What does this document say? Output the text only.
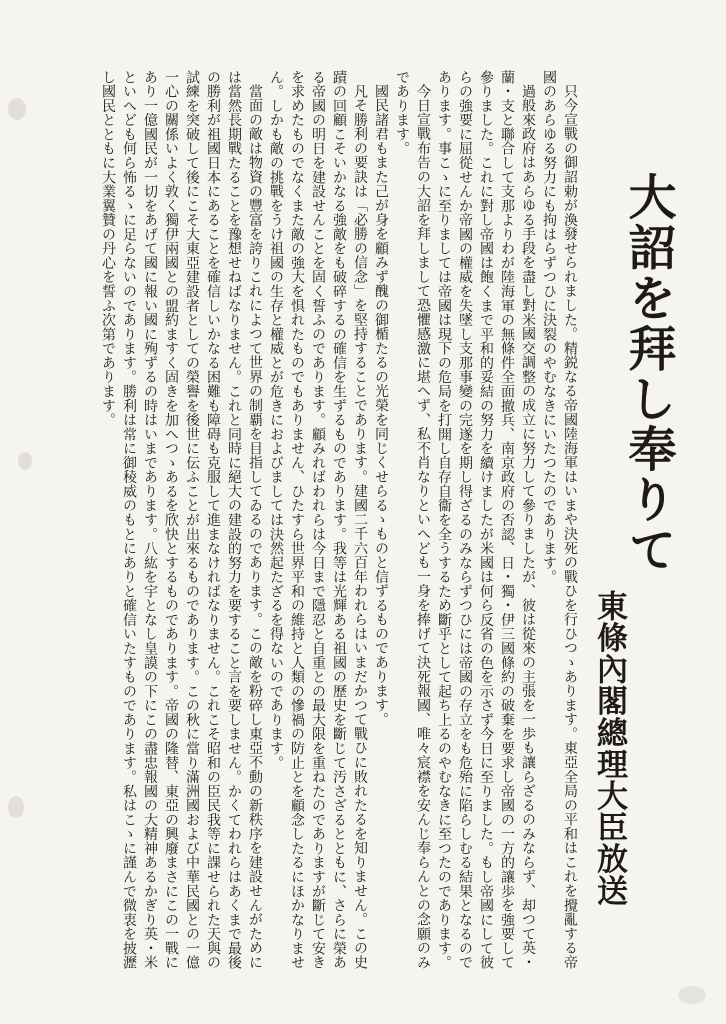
大詔を拜し奉りて
東條內閣總理大臣放送

只今宣戰の御詔勅が渙發せられました。精鋭なる帝國陸海軍はいまや決死の戰ひを行ひつゝあります。東亞全局の平和はこれを攪亂する帝國のあらゆる努力にも拘はらずつひに決裂のやむなきにいたつたのであります。

過般來政府はあらゆる手段を盡し對米國交調整の成立に努力して參りましたが、彼は從來の主張を一歩も讓らざるのみならず、却つて英・蘭・支と聯合して支那よりわが陸海軍の無條件全面撤兵、南京政府の否認、日・獨・伊三國條約の破棄を要求し帝國の一方的讓歩を強要して參りました。これに對し帝國は飽くまで平和的妥結の努力を續けましたが米國は何ら反省の色を示さず今日に至りました。もし帝國にして彼らの強要に屈從せんか帝國の權威を失墜し支那事變の完遂を期し得ざるのみならずつひには帝國の存立をも危殆に陷らしむる結果となるのであります。事こゝに至りましては帝國は現下の危局を打開し自存自衞を全うするため斷乎として起ち上るのやむなきに至つたのであります。

今日宣戰布告の大詔を拜しまして恐懼感激に堪へず、私不肖なりといへども一身を捧げて決死報國、唯々宸襟を安んじ奉らんとの念願のみであります。

國民諸君もまた己が身を顧みず醜の御楯たるの光榮を同じくせらるゝものと信ずるものであります。

凡そ勝利の要訣は「必勝の信念」を堅持することであります。建國二千六百年われらはいまだかつて戰ひに敗れたるを知りません。この史蹟の回顧こそいかなる強敵をも破碎するの確信を生ずるものであります。我等は光輝ある祖國の歷史を斷じて汚さざるとともに、さらに榮ある帝國の明日を建設せんことを固く誓ふのであります。顧みればわれらは今日まで隱忍と自重との最大限を重ねたのでありますが斷じて安きを求めたものでなくまた敵の強大を惧れたものでもありません、ひたすら世界平和の維持と人類の慘禍の防止とを顧念したるにほかなりません。しかも敵の挑戰をうけ祖國の生存と權威とが危きにおよびましては決然起たざるを得ないのであります。

當面の敵は物資の豐富を誇りこれによつて世界の制覇を目指してゐるのであります。この敵を粉碎し東亞不動の新秩序を建設せんがためには當然長期戰たることを豫想せねばなりません。これと同時に絕大の建設的努力を要すること言を要しません。かくてわれらはあくまで最後の勝利が祖國日本にあることを確信しいかなる困難も障碍も克服して進まなければなりません。これこそ昭和の臣民我等に課せられた天與の試練を突破して後にこそ大東亞建設者としての榮譽を後世に伝ふことが出來るものであります。この秋に當り滿洲國および中華民國との一億一心の關係いよく敦く獨伊兩國との盟約ますく固きを加へつゝあるを欣快とするものであります。帝國の隆替、東亞の興廢まさにこの一戰にあり一億國民が一切をあげて國に報い國に殉ずるの時はいまであります。八紘を宇となし皇謨の下にこの盡忠報國の大精神あるかぎり英・米といへども何ら怖るゝに足らないのであります。勝利は常に御稜威のもとにありと確信いたすものであります。私はこゝに謹んで微衷を披瀝し國民とともに大業翼贊の丹心を誓ふ次第であります。
